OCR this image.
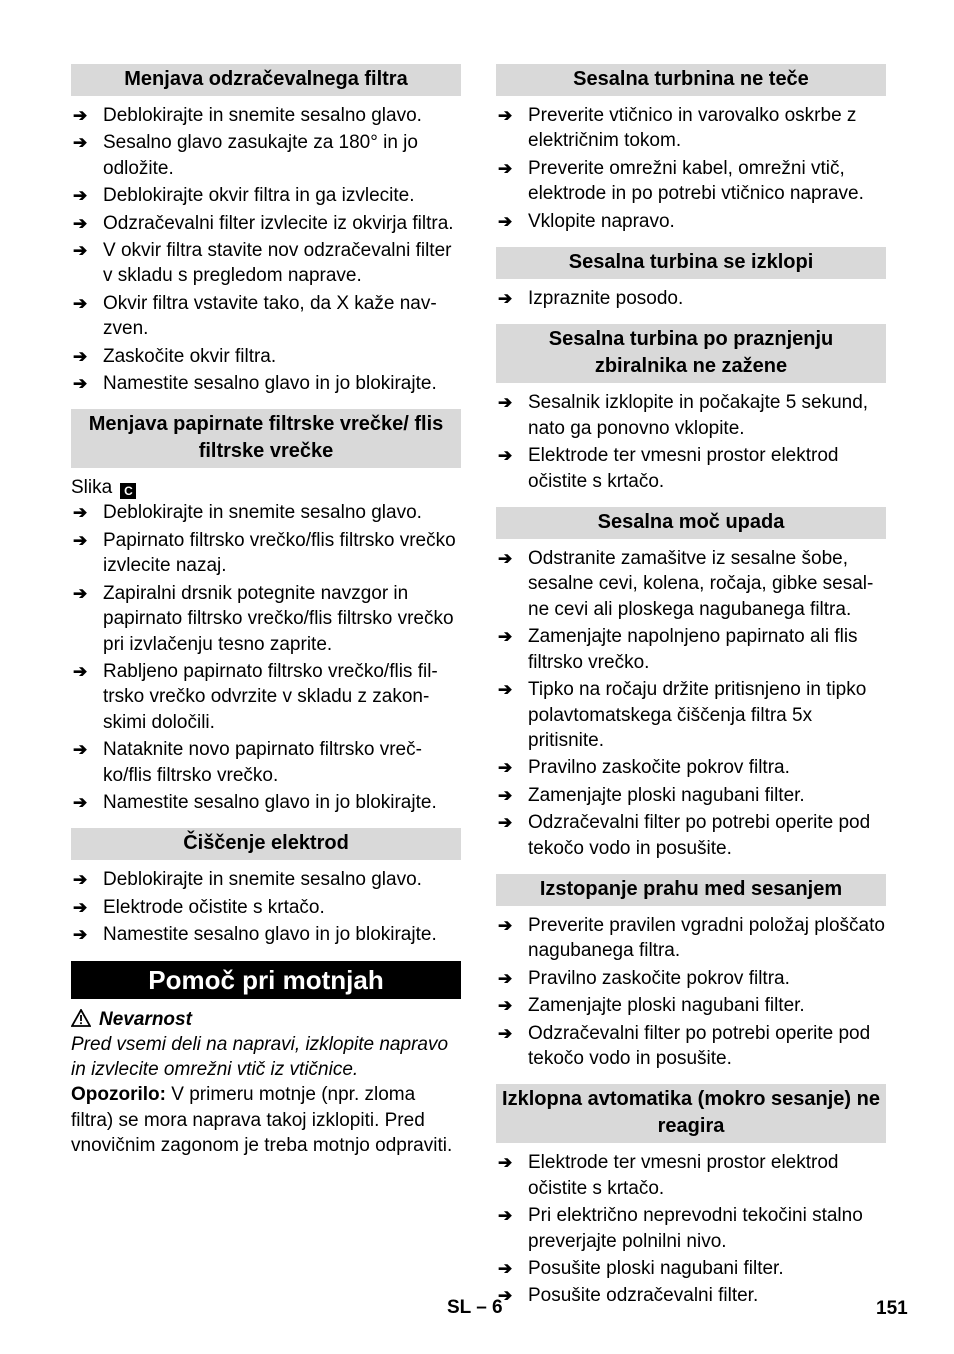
Menjava odzračevalnega filtra
➔ Deblokirajte in snemite sesalno glavo.
➔ Sesalno glavo zasukajte za 180° in jo odložite.
➔ Deblokirajte okvir filtra in ga izvlecite.
➔ Odzračevalni filter izvlecite iz okvirja filtra.
➔ V okvir filtra stavite nov odzračevalni filter v skladu s pregledom naprave.
➔ Okvir filtra vstavite tako, da X kaže navzven.
➔ Zaskočite okvir filtra.
➔ Namestite sesalno glavo in jo blokirajte.
Menjava papirnate filtrske vrečke/ flis filtrske vrečke
Slika C
➔ Deblokirajte in snemite sesalno glavo.
➔ Papirnato filtrsko vrečko/flis filtrsko vrečko izvlecite nazaj.
➔ Zapiralni drsnik potegnite navzgor in papirnato filtrsko vrečko/flis filtrsko vrečko pri izvlačenju tesno zaprite.
➔ Rabljeno papirnato filtrsko vrečko/flis filtrsko vrečko odvrzite v skladu z zakonskimi določili.
➔ Nataknite novo papirnato filtrsko vrečko/flis filtrsko vrečko.
➔ Namestite sesalno glavo in jo blokirajte.
Čiščenje elektrod
➔ Deblokirajte in snemite sesalno glavo.
➔ Elektrode očistite s krtačo.
➔ Namestite sesalno glavo in jo blokirajte.
Pomoč pri motnjah
Nevarnost
Pred vsemi deli na napravi, izklopite napravo in izvlecite omrežni vtič iz vtičnice.
Opozorilo: V primeru motnje (npr. zloma filtra) se mora naprava takoj izklopiti. Pred vnovičnim zagonom je treba motnjo odpraviti.
Sesalna turbnina ne teče
➔ Preverite vtičnico in varovalko oskrbe z električnim tokom.
➔ Preverite omrežni kabel, omrežni vtič, elektrode in po potrebi vtičnico naprave.
➔ Vklopite napravo.
Sesalna turbina se izklopi
➔ Izpraznite posodo.
Sesalna turbina po praznjenju zbiralnika ne zažene
➔ Sesalnik izklopite in počakajte 5 sekund, nato ga ponovno vklopite.
➔ Elektrode ter vmesni prostor elektrod očistite s krtačo.
Sesalna moč upada
➔ Odstranite zamašitve iz sesalne šobe, sesalne cevi, kolena, ročaja, gibke sesalne cevi ali ploskega nagubanega filtra.
➔ Zamenjajte napolnjeno papirnato ali flis filtrsko vrečko.
➔ Tipko na ročaju držite pritisnjeno in tipko polavtomatskega čiščenja filtra 5x pritisnite.
➔ Pravilno zaskočite pokrov filtra.
➔ Zamenjajte ploski nagubani filter.
➔ Odzračevalni filter po potrebi operite pod tekočo vodo in posušite.
Izstopanje prahu med sesanjem
➔ Preverite pravilen vgradni položaj ploščato nagubanega filtra.
➔ Pravilno zaskočite pokrov filtra.
➔ Zamenjajte ploski nagubani filter.
➔ Odzračevalni filter po potrebi operite pod tekočo vodo in posušite.
Izklopna avtomatika (mokro sesanje) ne reagira
➔ Elektrode ter vmesni prostor elektrod očistite s krtačo.
➔ Pri električno neprevodni tekočini stalno preverjajte polnilni nivo.
➔ Posušite ploski nagubani filter.
➔ Posušite odzračevalni filter.
SL – 6	151
